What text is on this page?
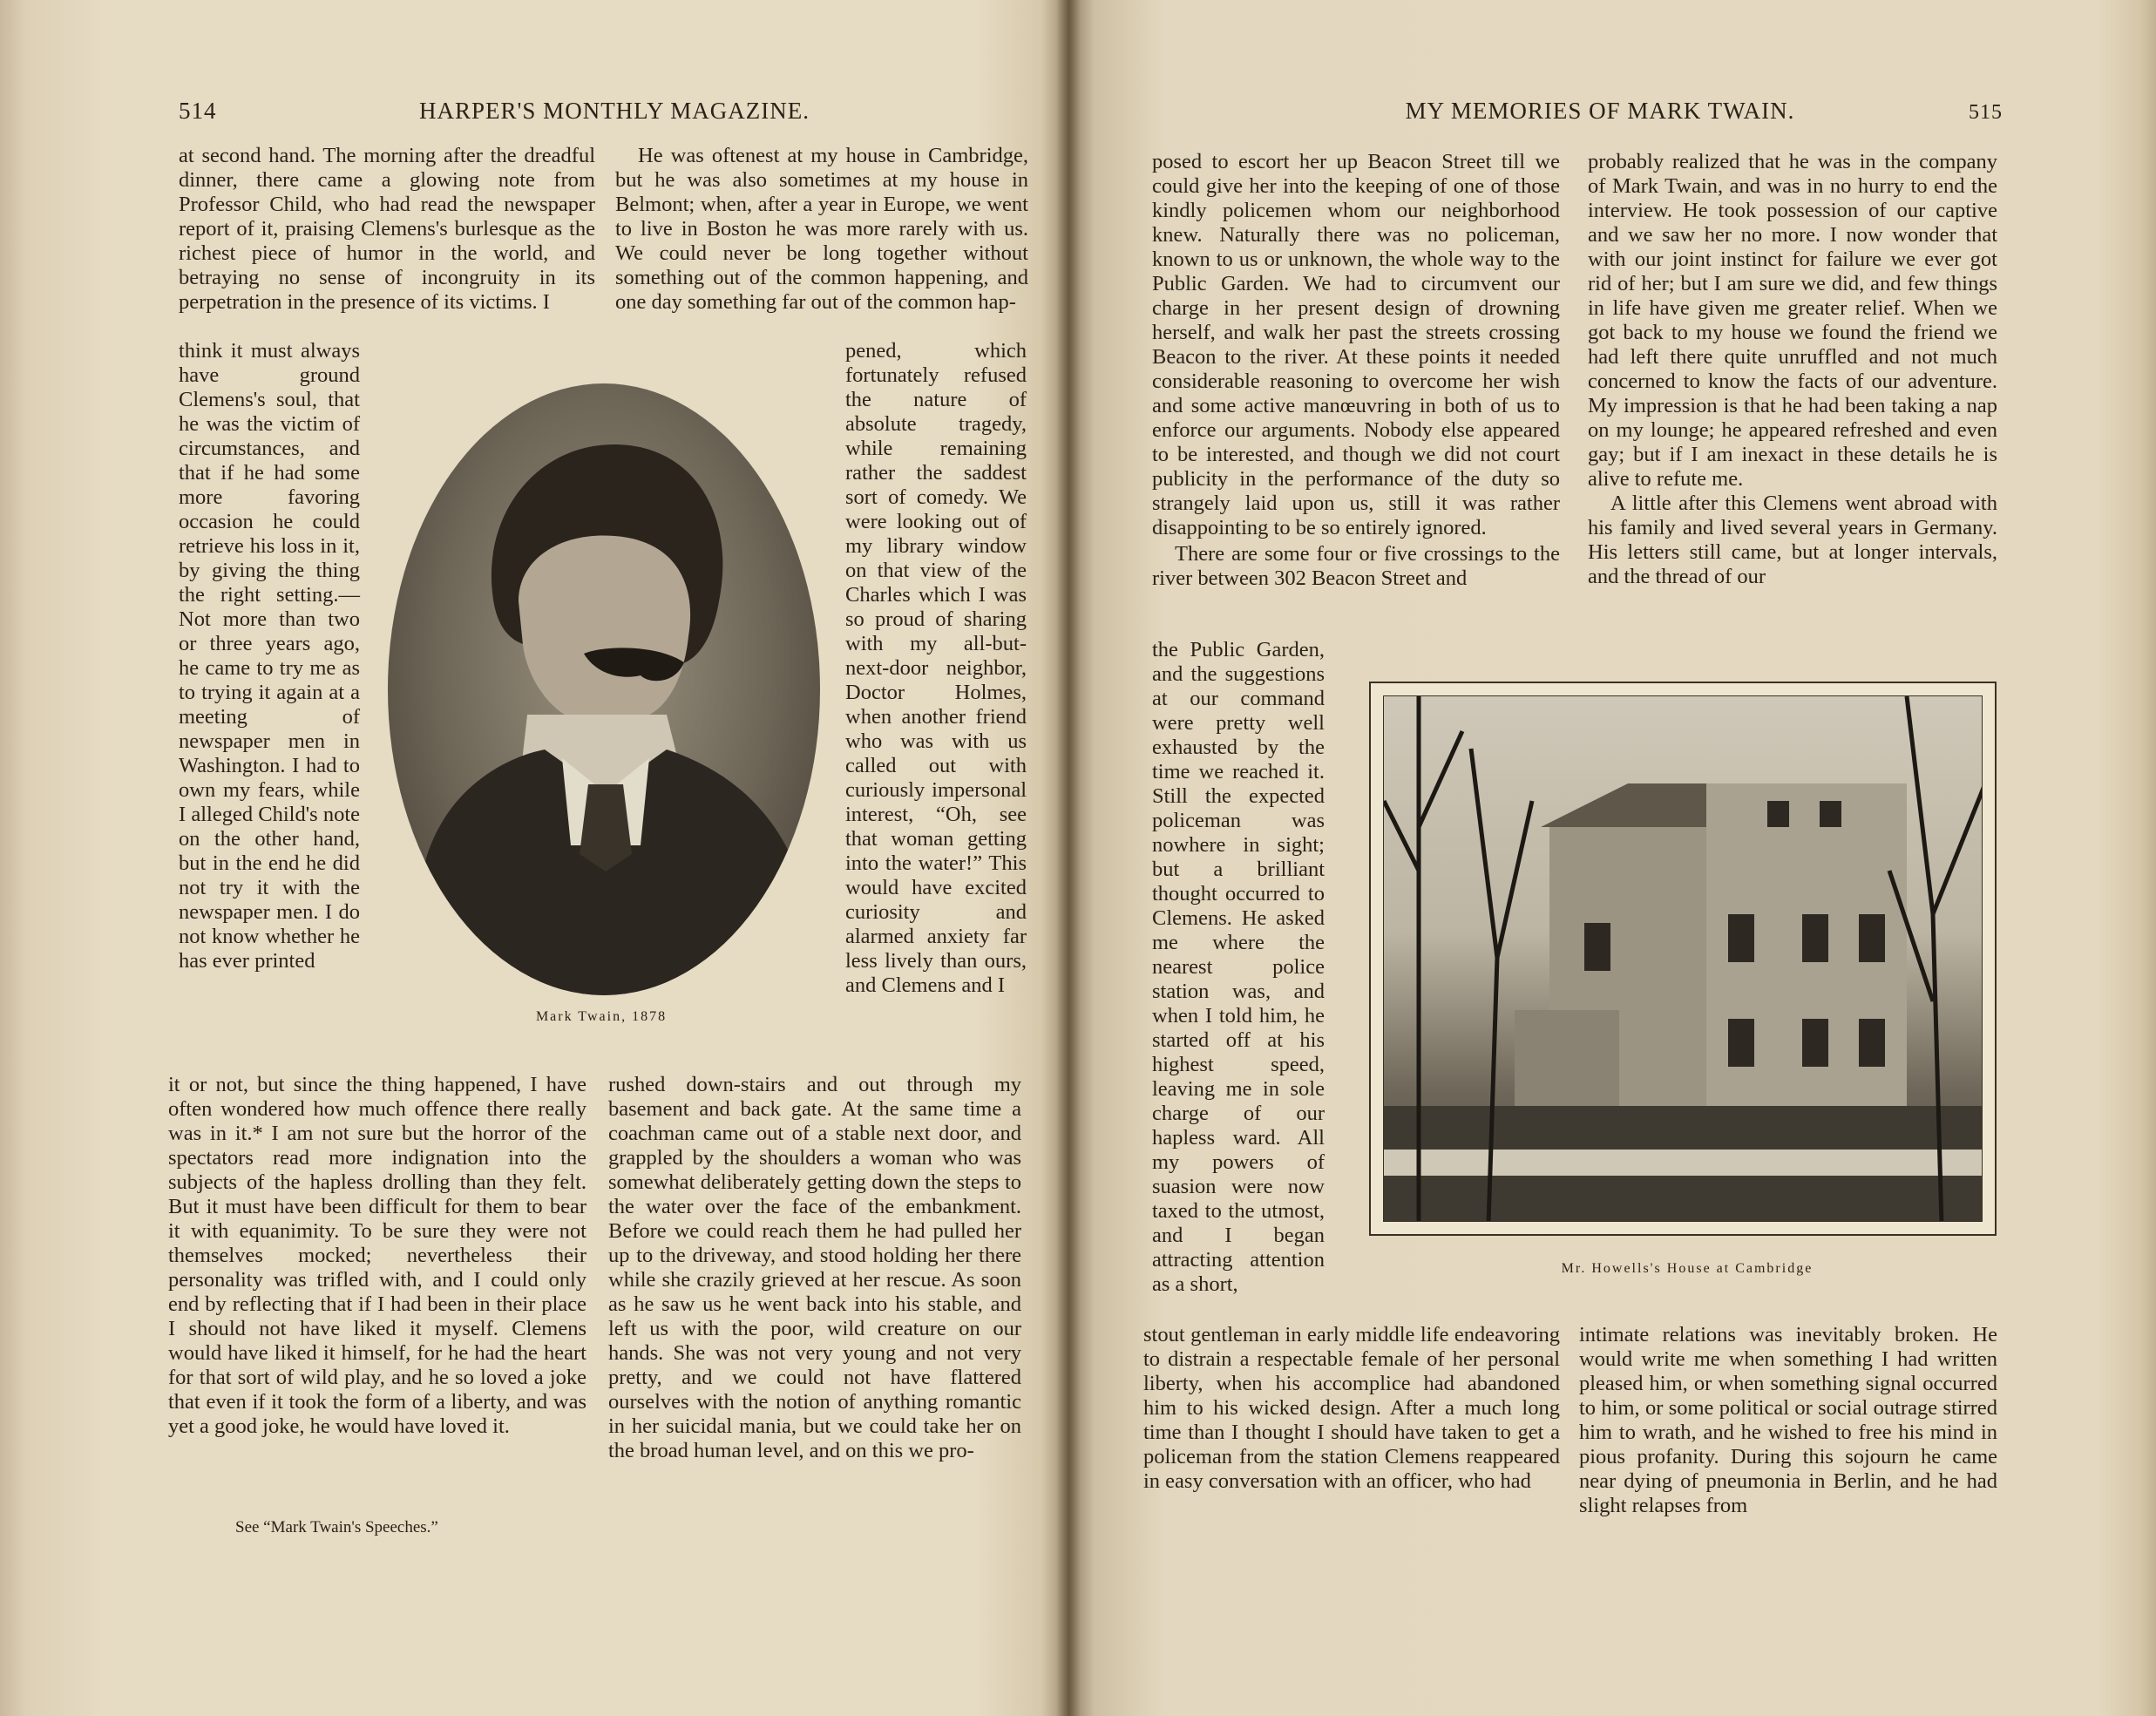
514	HARPER'S MONTHLY MAGAZINE.

at second hand. The morning after the dreadful dinner, there came a glowing note from Professor Child, who had read the newspaper report of it, praising Clemens's burlesque as the richest piece of humor in the world, and betraying no sense of incongruity in its perpetration in the presence of its victims. I

think it must always have ground Clemens's soul, that he was the victim of circumstances, and that if he had some more favoring occasion he could retrieve his loss in it, by giving the thing the right setting.—Not more than two or three years ago, he came to try me as to trying it again at a meeting of newspaper men in Washington. I had to own my fears, while I alleged Child's note on the other hand, but in the end he did not try it with the newspaper men. I do not know whether he has ever printed

it or not, but since the thing happened, I have often wondered how much offence there really was in it.* I am not sure but the horror of the spectators read more indignation into the subjects of the hapless drolling than they felt. But it must have been difficult for them to bear it with equanimity. To be sure they were not themselves mocked; nevertheless their personality was trifled with, and I could only end by reflecting that if I had been in their place I should not have liked it myself. Clemens would have liked it himself, for he had the heart for that sort of wild play, and he so loved a joke that even if it took the form of a liberty, and was yet a good joke, he would have loved it.

See “Mark Twain's Speeches.”
Mark Twain, 1878

He was oftenest at my house in Cambridge, but he was also sometimes at my house in Belmont; when, after a year in Europe, we went to live in Boston he was more rarely with us. We could never be long together without something out of the common happening, and one day something far out of the common hap-

pened, which fortunately refused the nature of absolute tragedy, while remaining rather the saddest sort of comedy. We were looking out of my library window on that view of the Charles which I was so proud of sharing with my all-but-next-door neighbor, Doctor Holmes, when another friend who was with us called out with curiously impersonal interest, “Oh, see that woman getting into the water!” This would have excited curiosity and alarmed anxiety far less lively than ours, and Clemens and I

rushed down-stairs and out through my basement and back gate. At the same time a coachman came out of a stable next door, and grappled by the shoulders a woman who was somewhat deliberately getting down the steps to the water over the face of the embankment. Before we could reach them he had pulled her up to the driveway, and stood holding her there while she crazily grieved at her rescue. As soon as he saw us he went back into his stable, and left us with the poor, wild creature on our hands. She was not very young and not very pretty, and we could not have flattered ourselves with the notion of anything romantic in her suicidal mania, but we could take her on the broad human level, and on this we pro-

MY MEMORIES OF MARK TWAIN.	515

posed to escort her up Beacon Street till we could give her into the keeping of one of those kindly policemen whom our neighborhood knew. Naturally there was no policeman, known to us or unknown, the whole way to the Public Garden. We had to circumvent our charge in her present design of drowning herself, and walk her past the streets crossing Beacon to the river. At these points it needed considerable reasoning to overcome her wish and some active manœuvring in both of us to enforce our arguments. Nobody else appeared to be interested, and though we did not court publicity in the performance of the duty so strangely laid upon us, still it was rather disappointing to be so entirely ignored.

There are some four or five crossings to the river between 302 Beacon Street and

the Public Garden, and the suggestions at our command were pretty well exhausted by the time we reached it. Still the expected policeman was nowhere in sight; but a brilliant thought occurred to Clemens. He asked me where the nearest police station was, and when I told him, he started off at his highest speed, leaving me in sole charge of our hapless ward. All my powers of suasion were now taxed to the utmost, and I began attracting attention as a short,

stout gentleman in early middle life endeavoring to distrain a respectable female of her personal liberty, when his accomplice had abandoned him to his wicked design. After a much long time than I thought I should have taken to get a policeman from the station Clemens reappeared in easy conversation with an officer, who had

probably realized that he was in the company of Mark Twain, and was in no hurry to end the interview. He took possession of our captive and we saw her no more. I now wonder that with our joint instinct for failure we ever got rid of her; but I am sure we did, and few things in life have given me greater relief. When we got back to my house we found the friend we had left there quite unruffled and not much concerned to know the facts of our adventure. My impression is that he had been taking a nap on my lounge; he appeared refreshed and even gay; but if I am inexact in these details he is alive to refute me.

A little after this Clemens went abroad with his family and lived several years in Germany. His letters still came, but at longer intervals, and the thread of our

Mr. Howells's House at Cambridge

intimate relations was inevitably broken. He would write me when something I had written pleased him, or when something signal occurred to him, or some political or social outrage stirred him to wrath, and he wished to free his mind in pious profanity. During this sojourn he came near dying of pneumonia in Berlin, and he had slight relapses from
